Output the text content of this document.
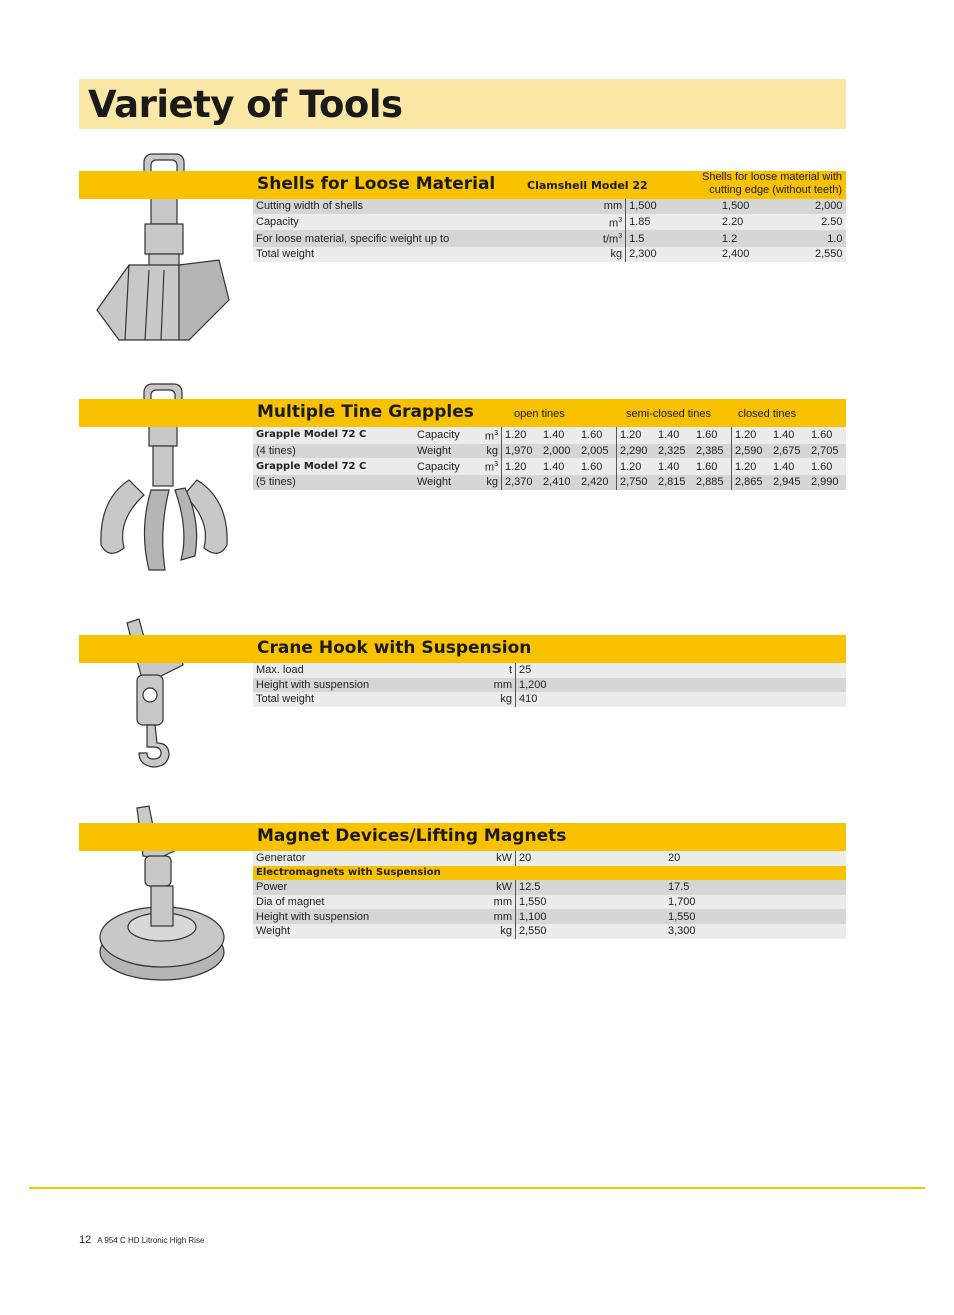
Variety of Tools
Shells for Loose Material	Clamshell Model 22
Shells for loose material with
cutting edge (without teeth)
Cutting width of shells	mm	1,500	1,500	2,000
Capacity	$m^3$	1.85	2.20	2.50
For loose material, specific weight up to	$t/m^3$	1.5	1.2	1.0
Total weight	kg	2,300	2,400	2,550
Multiple Tine Grapples	open tines	semi-closed tines closed tines
Grapple Model 72 C	Capacity	$m^3$	1.20	1.40	1.60	1.20	1.40	1.60	1.20	1.40	1.60
(4 tines)	Weight	kg	1,970	2,000	2,005	2,290	2,325	2,385	2,590	2,675	2,705
Grapple Model 72 C	Capacity	$m^3$	1.20	1.40	1.60	1.20	1.40	1.60	1.20	1.40	1.60
(5 tines)	Weight	kg	2,370	2,410	2,420	2,750	2,815	2,885	2,865	2,945	2,990
Crane Hook with Suspension
Max. load	t	25
Height with suspension	mm	1,200
Total weight	kg	410
Magnet Devices/Lifting Magnets
Generator	kW	20	20
Electromagnets with Suspension			
Power	kW	12.5	17.5
Dia of magnet	mm	1,550	1,700
Height with suspension	mm	1,100	1,550
Weight	kg	2,550	3,300
12 A 954 C HD Litronic High Rise
